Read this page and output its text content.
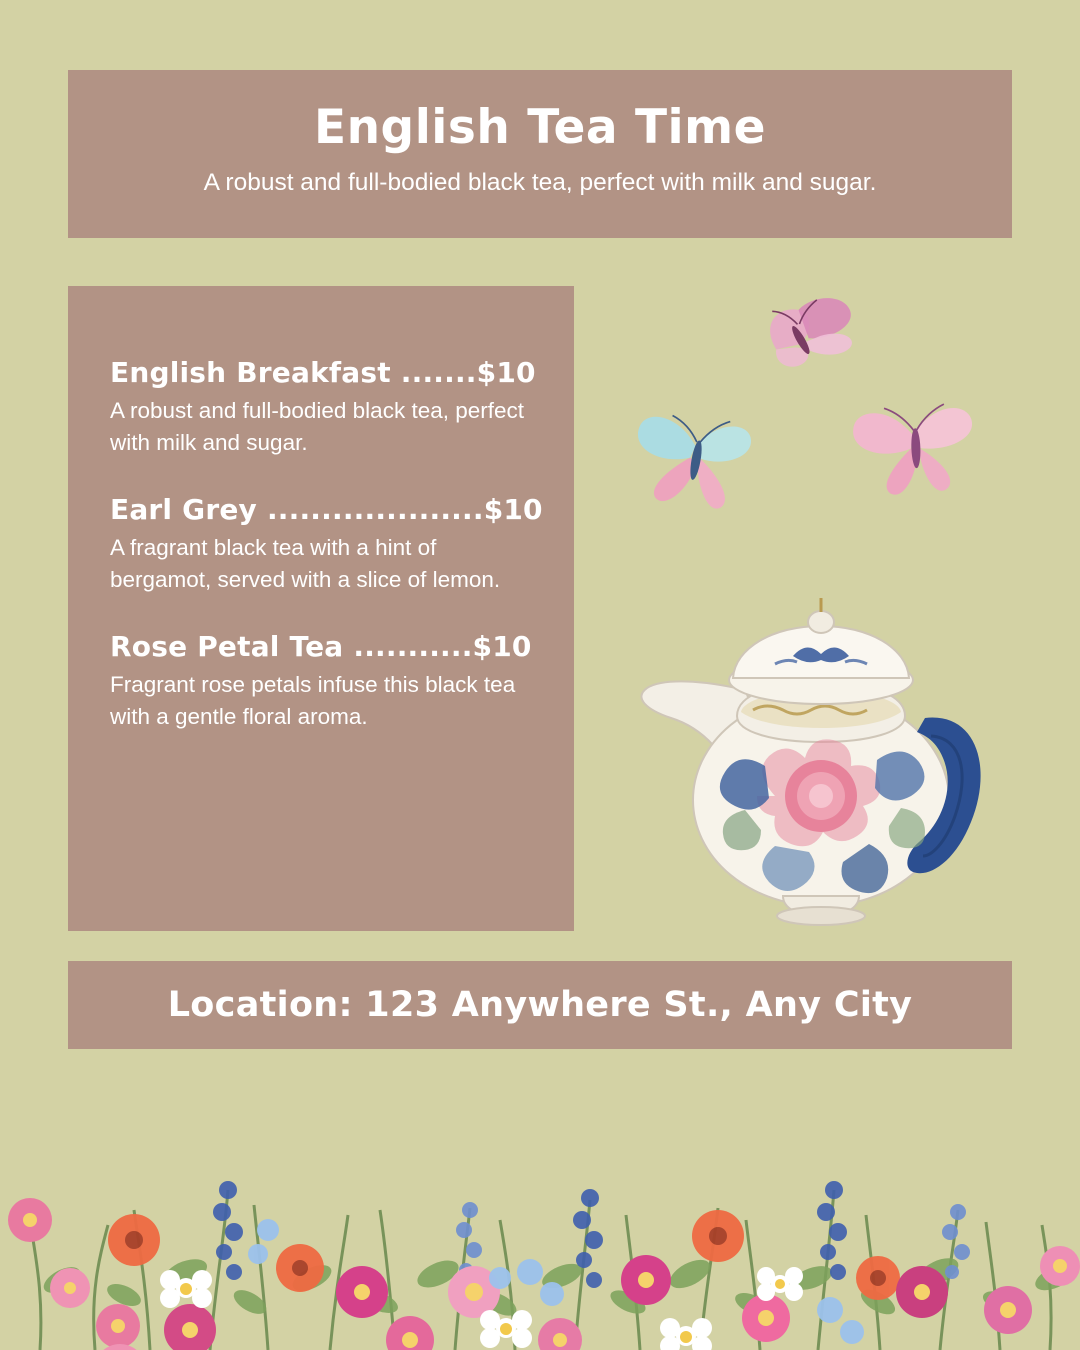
English Tea Time
A robust and full-bodied black tea, perfect with milk and sugar.
English Breakfast .......$10
A robust and full-bodied black tea, perfect with milk and sugar.
Earl Grey ....................$10
A fragrant black tea with a hint of bergamot, served with a slice of lemon.
Rose Petal Tea ...........$10
Fragrant rose petals infuse this black tea with a gentle floral aroma.
Location: 123 Anywhere St., Any City
